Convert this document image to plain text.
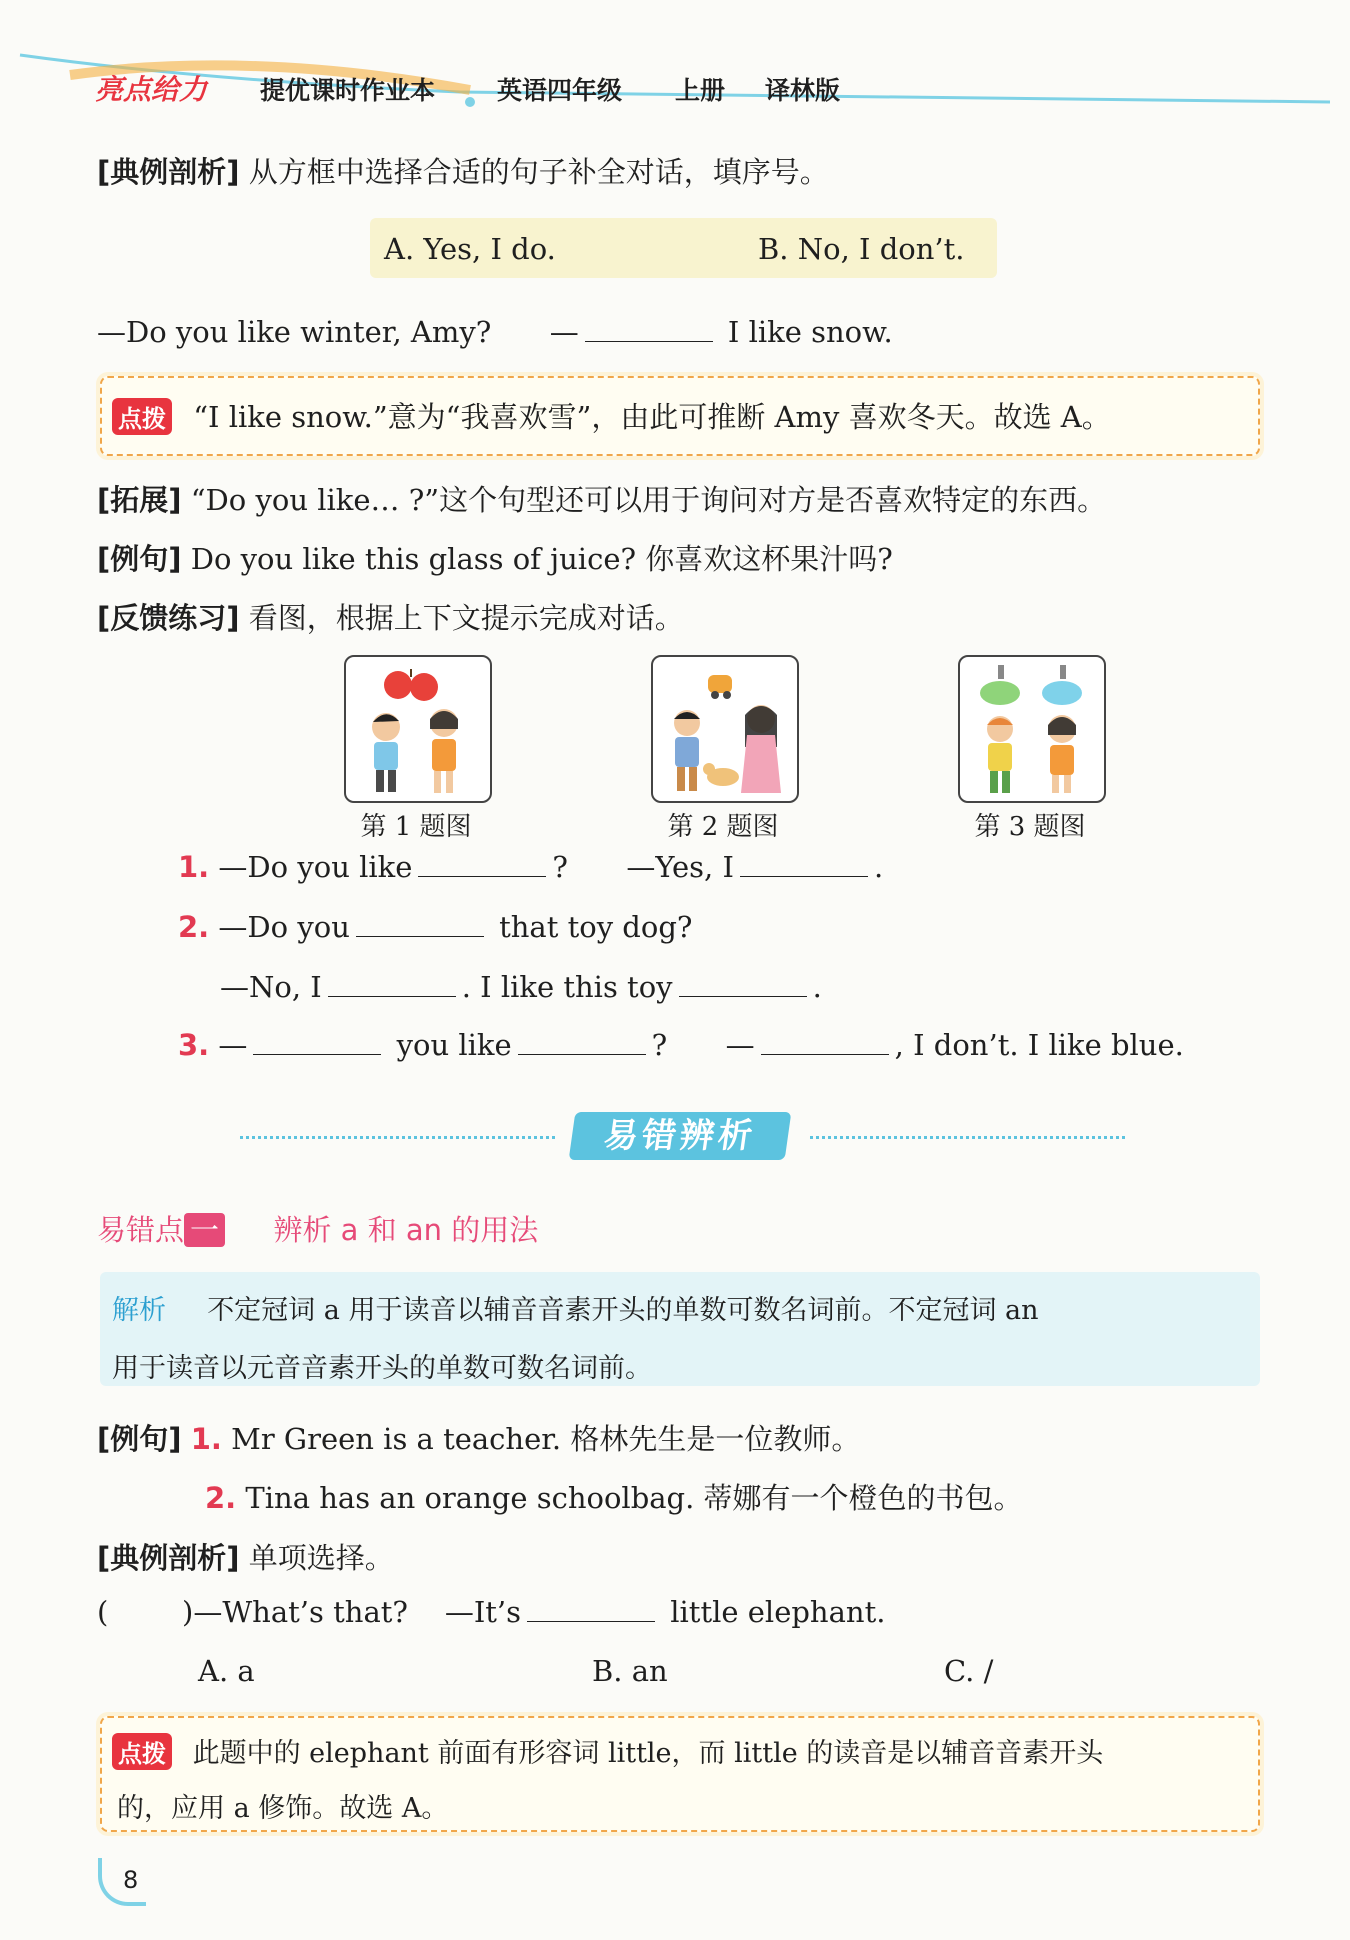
亮点给力 提优课时作业本 英语四年级 上册 译林版
[典例剖析] 从方框中选择合适的句子补全对话，填序号。
A. Yes, I do.	B. No, I don’t.
—Do you like winter, Amy? —	I like snow.
点拨 “I like snow.”意为“我喜欢雪”，由此可推断 Amy 喜欢冬天。故选 A。
[拓展] “Do you like… ?”这个句型还可以用于询问对方是否喜欢特定的东西。
[例句] Do you like this glass of juice? 你喜欢这杯果汁吗?
[反馈练习] 看图，根据上下文提示完成对话。
第 1 题图	第 2 题图	第 3 题图
1. —Do you like	? —Yes, I	.
2. —Do you	that toy dog?
—No, I	. I like this toy	.
3. —	you like	? —	, I don’t. I like blue.
易错辨析
易错点 一 辨析 a 和 an 的用法
解析 不定冠词 a 用于读音以辅音音素开头的单数可数名词前。不定冠词 an
用于读音以元音音素开头的单数可数名词前。
[例句] 1. Mr Green is a teacher. 格林先生是一位教师。
2. Tina has an orange schoolbag. 蒂娜有一个橙色的书包。
[典例剖析] 单项选择。
(        )—What’s that?    —It’s	little elephant.
A. a	B. an	C. /
点拨 此题中的 elephant 前面有形容词 little，而 little 的读音是以辅音音素开头
的，应用 a 修饰。故选 A。
8
